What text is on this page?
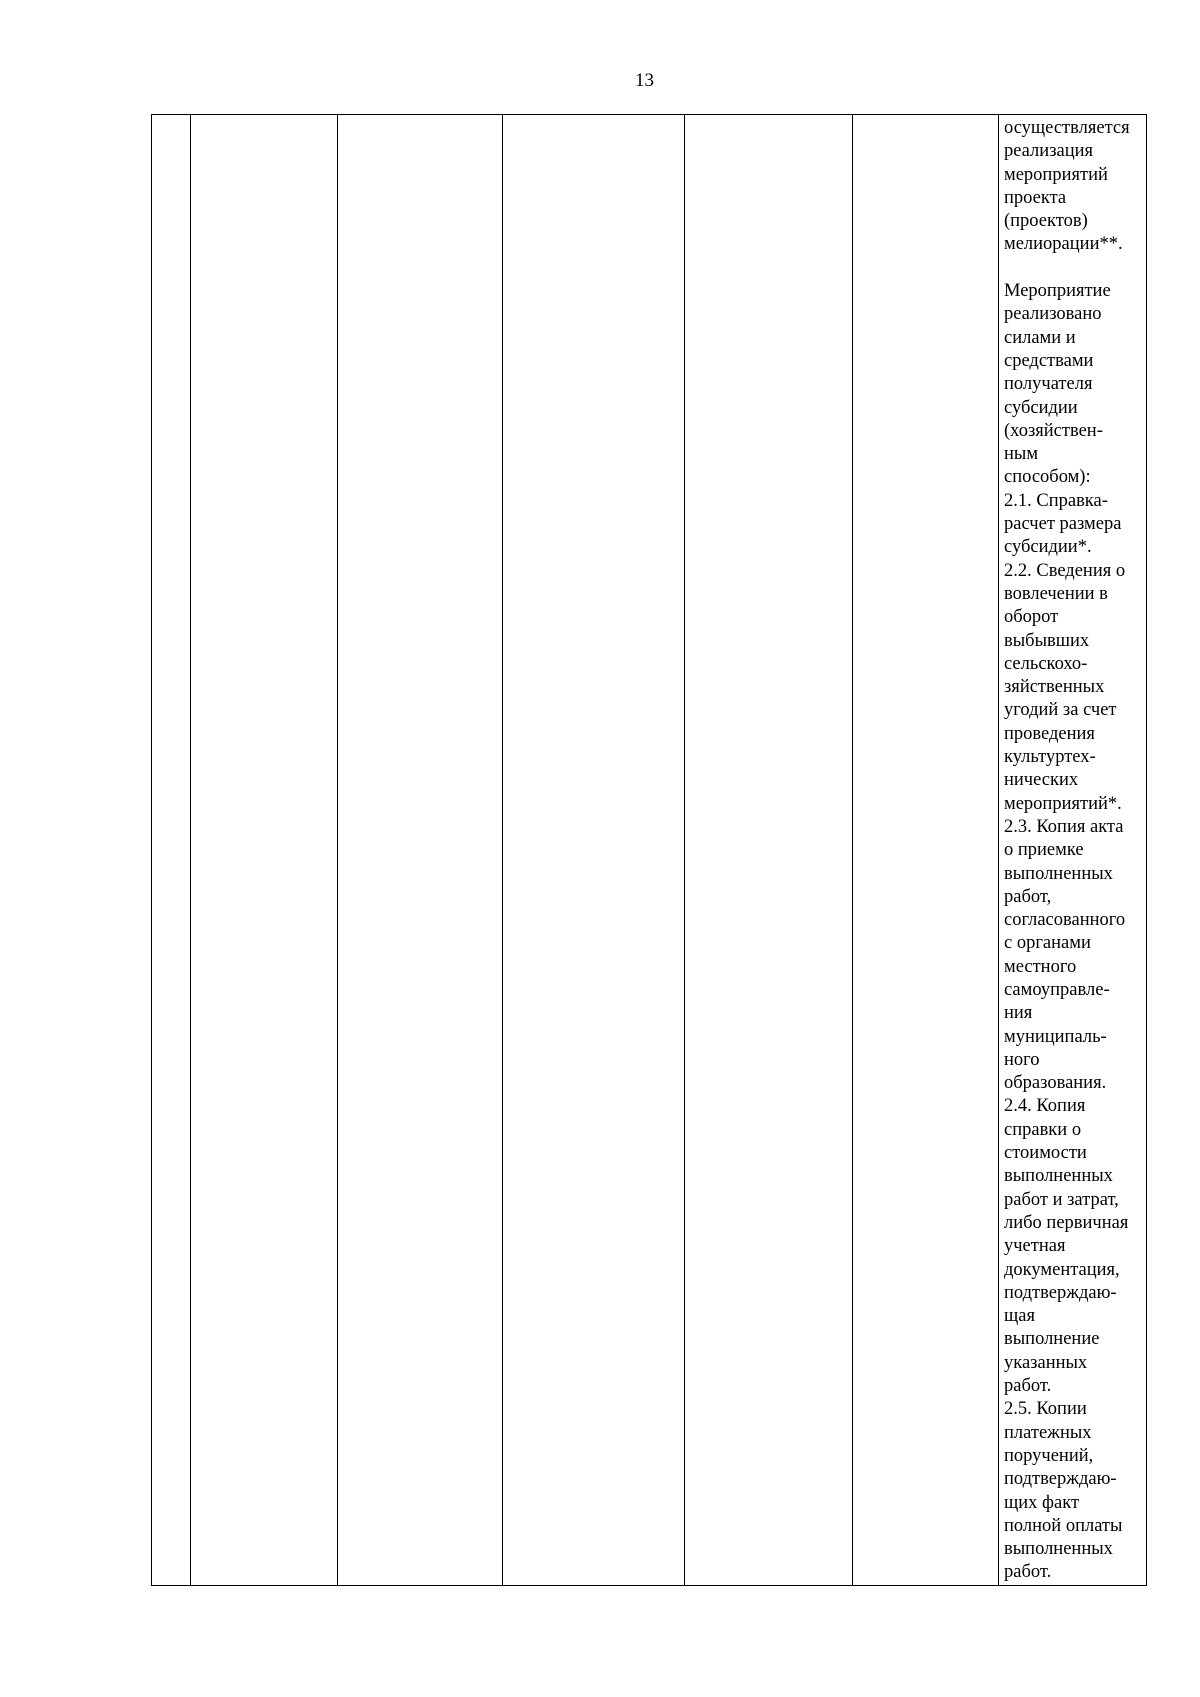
13

осуществляется
реализация
мероприятий
проекта
(проектов)
мелиорации**.
Мероприятие
реализовано
силами и
средствами
получателя
субсидии
(хозяйствен-
ным
способом):
2.1. Справка-
расчет размера
субсидии*.
2.2. Сведения о
вовлечении в
оборот
выбывших
сельскохо-
зяйственных
угодий за счет
проведения
культуртех-
нических
мероприятий*.
2.3. Копия акта
о приемке
выполненных
работ,
согласованного
с органами
местного
самоуправле-
ния
муниципаль-
ного
образования.
2.4. Копия
справки о
стоимости
выполненных
работ и затрат,
либо первичная
учетная
документация,
подтверждаю-
щая
выполнение
указанных
работ.
2.5. Копии
платежных
поручений,
подтверждаю-
щих факт
полной оплаты
выполненных
работ.
